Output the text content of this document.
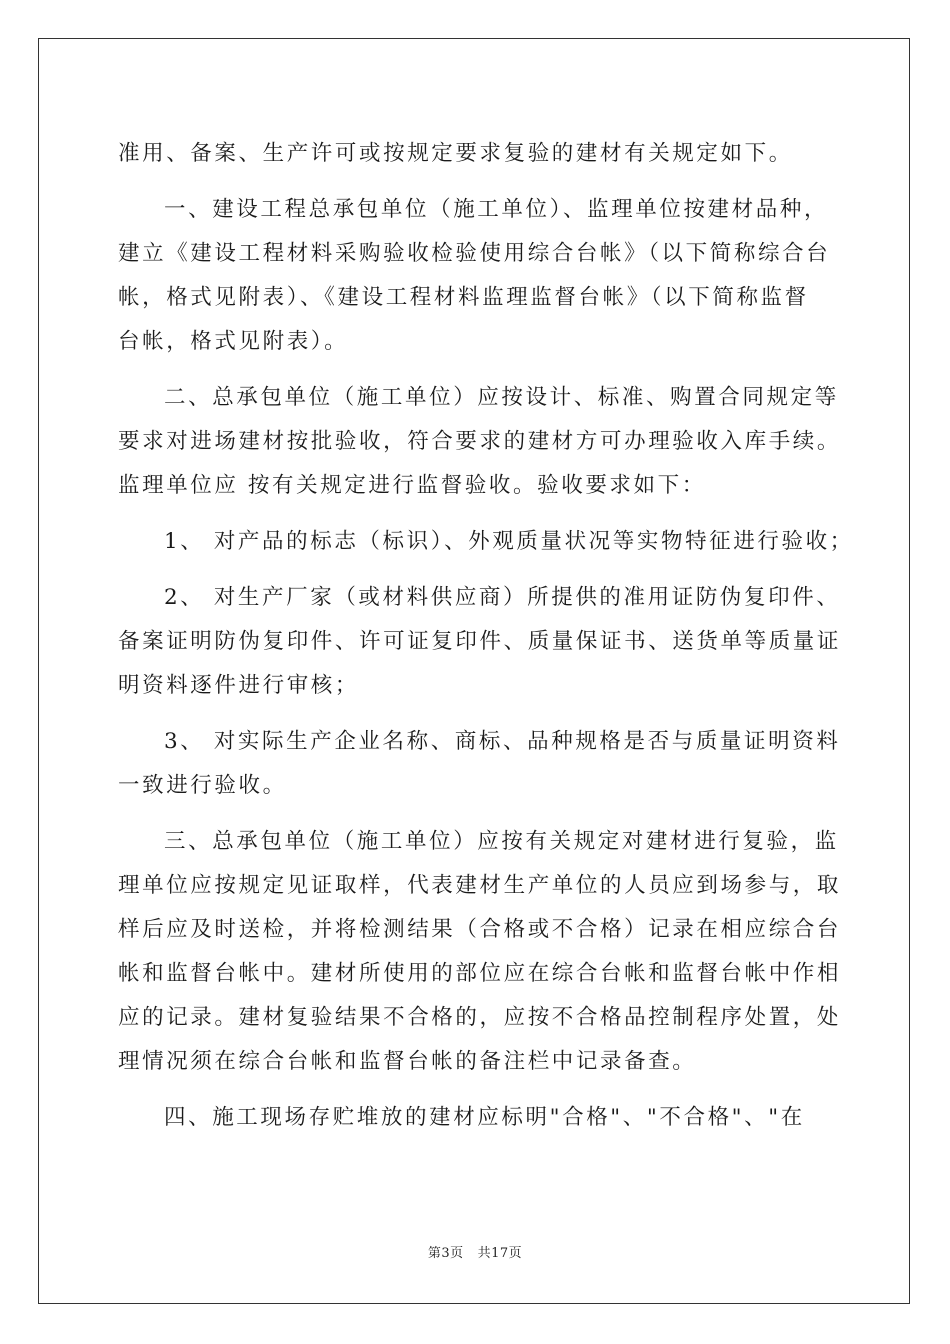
准用、备案、生产许可或按规定要求复验的建材有关规定如下。
一、建设工程总承包单位（施工单位）、监理单位按建材品种，
建立《建设工程材料采购验收检验使用综合台帐》（以下简称综合台
帐，格式见附表）、《建设工程材料监理监督台帐》（以下简称监督
台帐，格式见附表）。
二、总承包单位（施工单位）应按设计、标准、购置合同规定等
要求对进场建材按批验收，符合要求的建材方可办理验收入库手续。
监理单位应 按有关规定进行监督验收。验收要求如下：
1、 对产品的标志（标识）、外观质量状况等实物特征进行验收；
2、 对生产厂家（或材料供应商）所提供的准用证防伪复印件、
备案证明防伪复印件、许可证复印件、质量保证书、送货单等质量证
明资料逐件进行审核；
3、 对实际生产企业名称、商标、品种规格是否与质量证明资料
一致进行验收。
三、总承包单位（施工单位）应按有关规定对建材进行复验，监
理单位应按规定见证取样，代表建材生产单位的人员应到场参与，取
样后应及时送检，并将检测结果（合格或不合格）记录在相应综合台
帐和监督台帐中。建材所使用的部位应在综合台帐和监督台帐中作相
应的记录。建材复验结果不合格的，应按不合格品控制程序处置，处
理情况须在综合台帐和监督台帐的备注栏中记录备查。
四、施工现场存贮堆放的建材应标明"合格"、"不合格"、"在
第3页 共17页
